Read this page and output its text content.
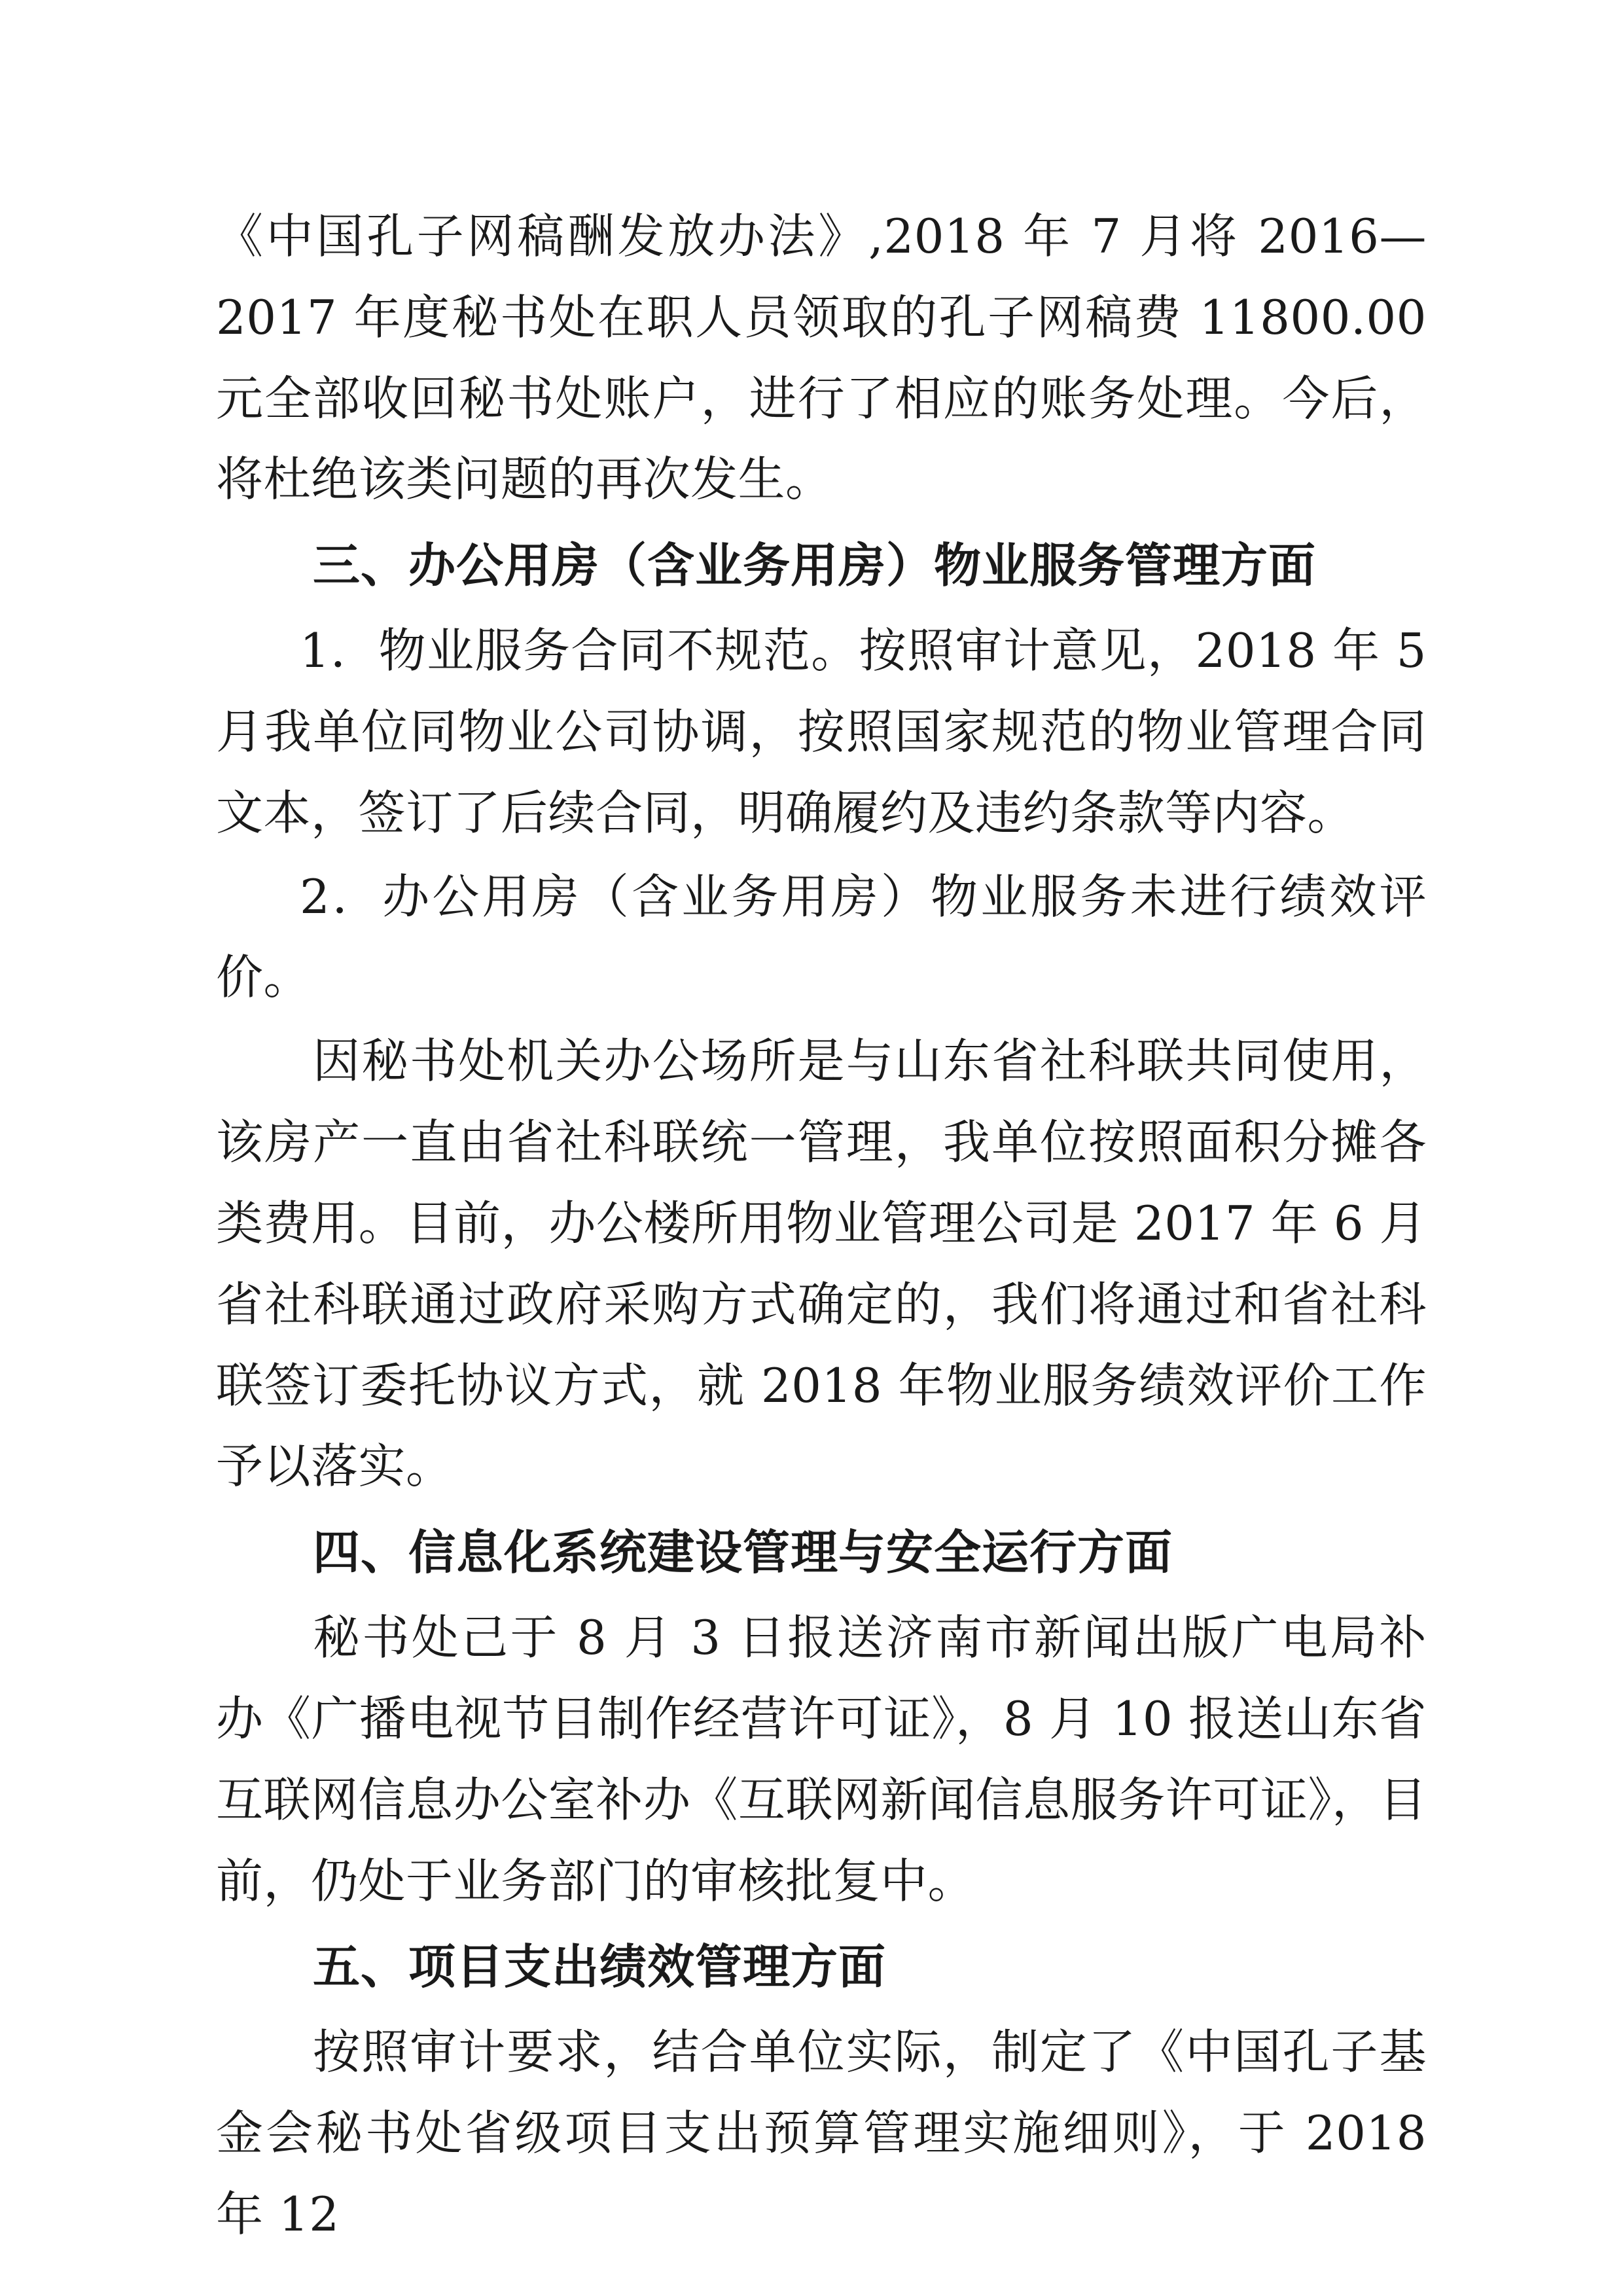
《中国孔子网稿酬发放办法》,2018 年 7 月将 2016—2017 年度秘书处在职人员领取的孔子网稿费 11800.00 元全部收回秘书处账户，进行了相应的账务处理。今后，将杜绝该类问题的再次发生。

三、办公用房（含业务用房）物业服务管理方面

1．物业服务合同不规范。按照审计意见，2018 年 5 月我单位同物业公司协调，按照国家规范的物业管理合同文本，签订了后续合同，明确履约及违约条款等内容。

2．办公用房（含业务用房）物业服务未进行绩效评价。

因秘书处机关办公场所是与山东省社科联共同使用，该房产一直由省社科联统一管理，我单位按照面积分摊各类费用。目前，办公楼所用物业管理公司是 2017 年 6 月省社科联通过政府采购方式确定的，我们将通过和省社科联签订委托协议方式，就 2018 年物业服务绩效评价工作予以落实。

四、信息化系统建设管理与安全运行方面

秘书处己于 8 月 3 日报送济南市新闻出版广电局补办《广播电视节目制作经营许可证》，8 月 10 报送山东省互联网信息办公室补办《互联网新闻信息服务许可证》，目前，仍处于业务部门的审核批复中。

五、项目支出绩效管理方面

按照审计要求，结合单位实际，制定了《中国孔子基金会秘书处省级项目支出预算管理实施细则》，于 2018 年 12
